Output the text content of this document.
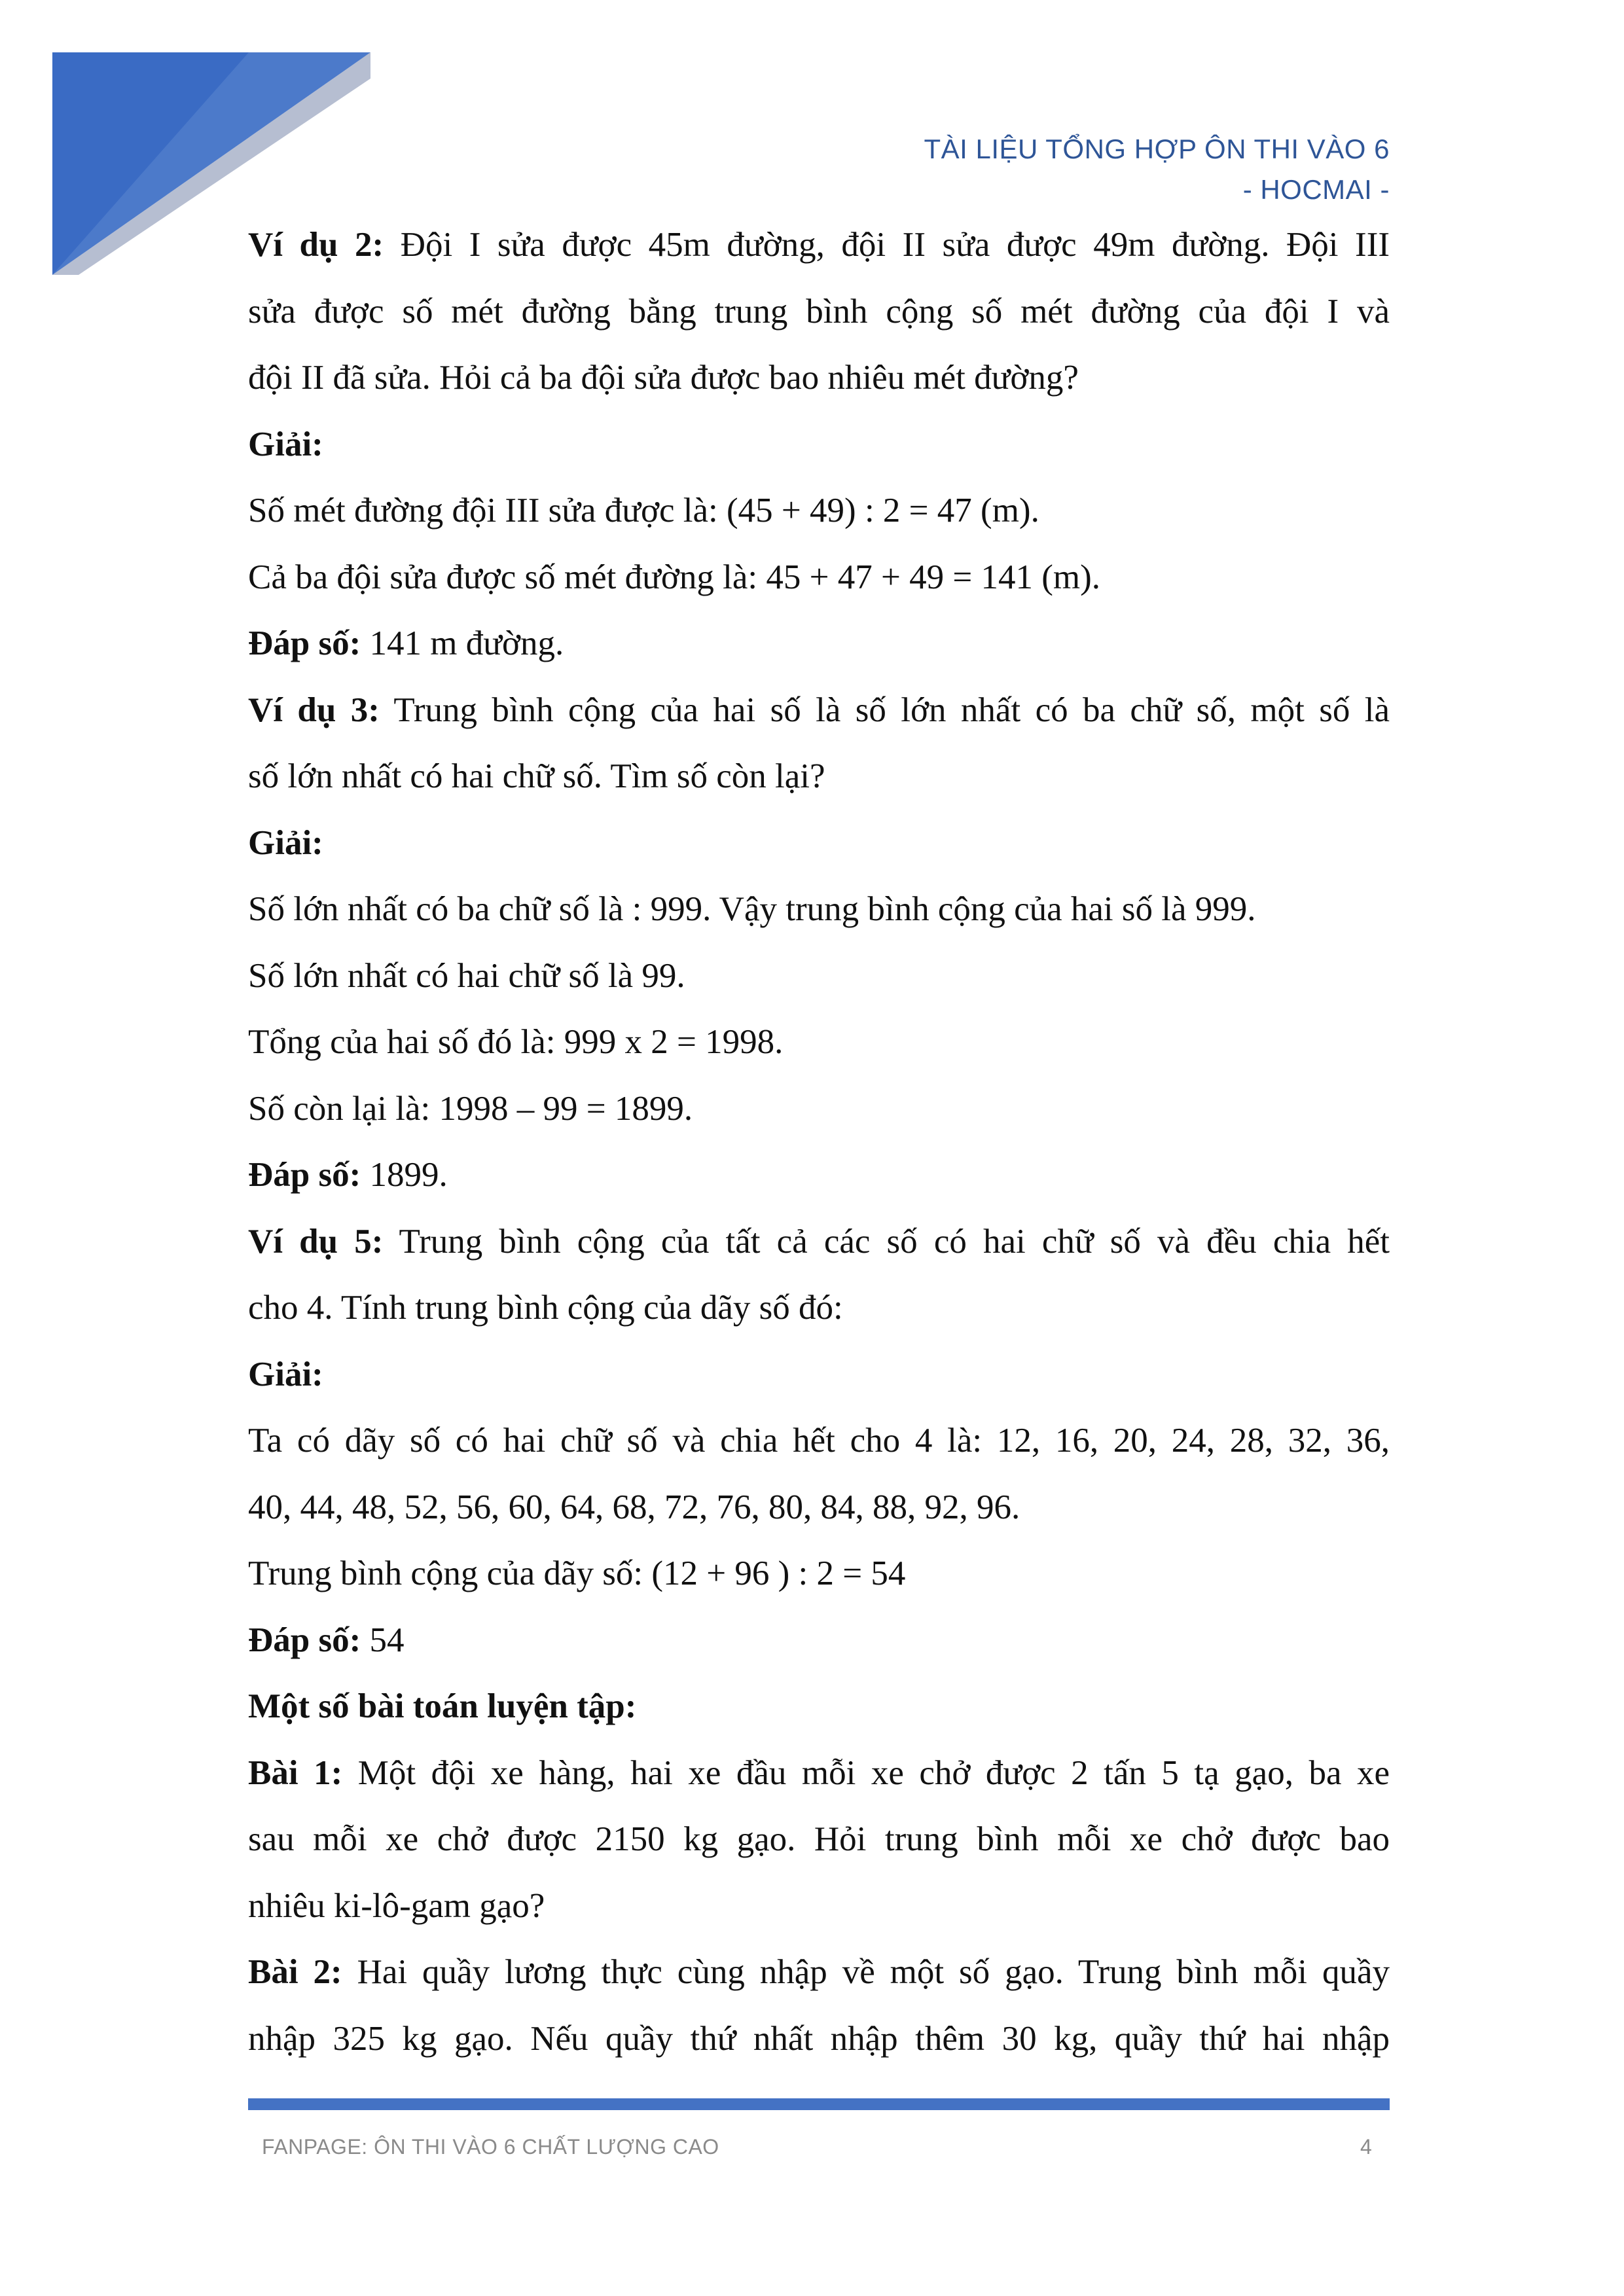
TÀI LIỆU TỔNG HỢP ÔN THI VÀO 6
- HOCMAI -

Ví dụ 2: Đội I sửa được 45m đường, đội II sửa được 49m đường. Đội III

sửa được số mét đường bằng trung bình cộng số mét đường của đội I và

đội II đã sửa. Hỏi cả ba đội sửa được bao nhiêu mét đường?

Giải:

Số mét đường đội III sửa được là: (45 + 49) : 2 = 47 (m).

Cả ba đội sửa được số mét đường là: 45 + 47 + 49 = 141 (m).

Đáp số: 141 m đường.

Ví dụ 3: Trung bình cộng của hai số là số lớn nhất có ba chữ số, một số là

số lớn nhất có hai chữ số. Tìm số còn lại?

Giải:

Số lớn nhất có ba chữ số là : 999. Vậy trung bình cộng của hai số là 999.

Số lớn nhất có hai chữ số là 99.

Tổng của hai số đó là: 999 x 2 = 1998.

Số còn lại là: 1998 – 99 = 1899.

Đáp số: 1899.

Ví dụ 5: Trung bình cộng của tất cả các số có hai chữ số và đều chia hết

cho 4. Tính trung bình cộng của dãy số đó:

Giải:

Ta có dãy số có hai chữ số và chia hết cho 4 là: 12, 16, 20, 24, 28, 32, 36,

40, 44, 48, 52, 56, 60, 64, 68, 72, 76, 80, 84, 88, 92, 96.

Trung bình cộng của dãy số: (12 + 96 ) : 2 = 54

Đáp số: 54

Một số bài toán luyện tập:

Bài 1: Một đội xe hàng, hai xe đầu mỗi xe chở được 2 tấn 5 tạ gạo, ba xe

sau mỗi xe chở được 2150 kg gạo. Hỏi trung bình mỗi xe chở được bao

nhiêu ki-lô-gam gạo?

Bài 2: Hai quầy lương thực cùng nhập về một số gạo. Trung bình mỗi quầy

nhập 325 kg gạo. Nếu quầy thứ nhất nhập thêm 30 kg, quầy thứ hai nhập

FANPAGE: ÔN THI VÀO 6 CHẤT LƯỢNG CAO	4
